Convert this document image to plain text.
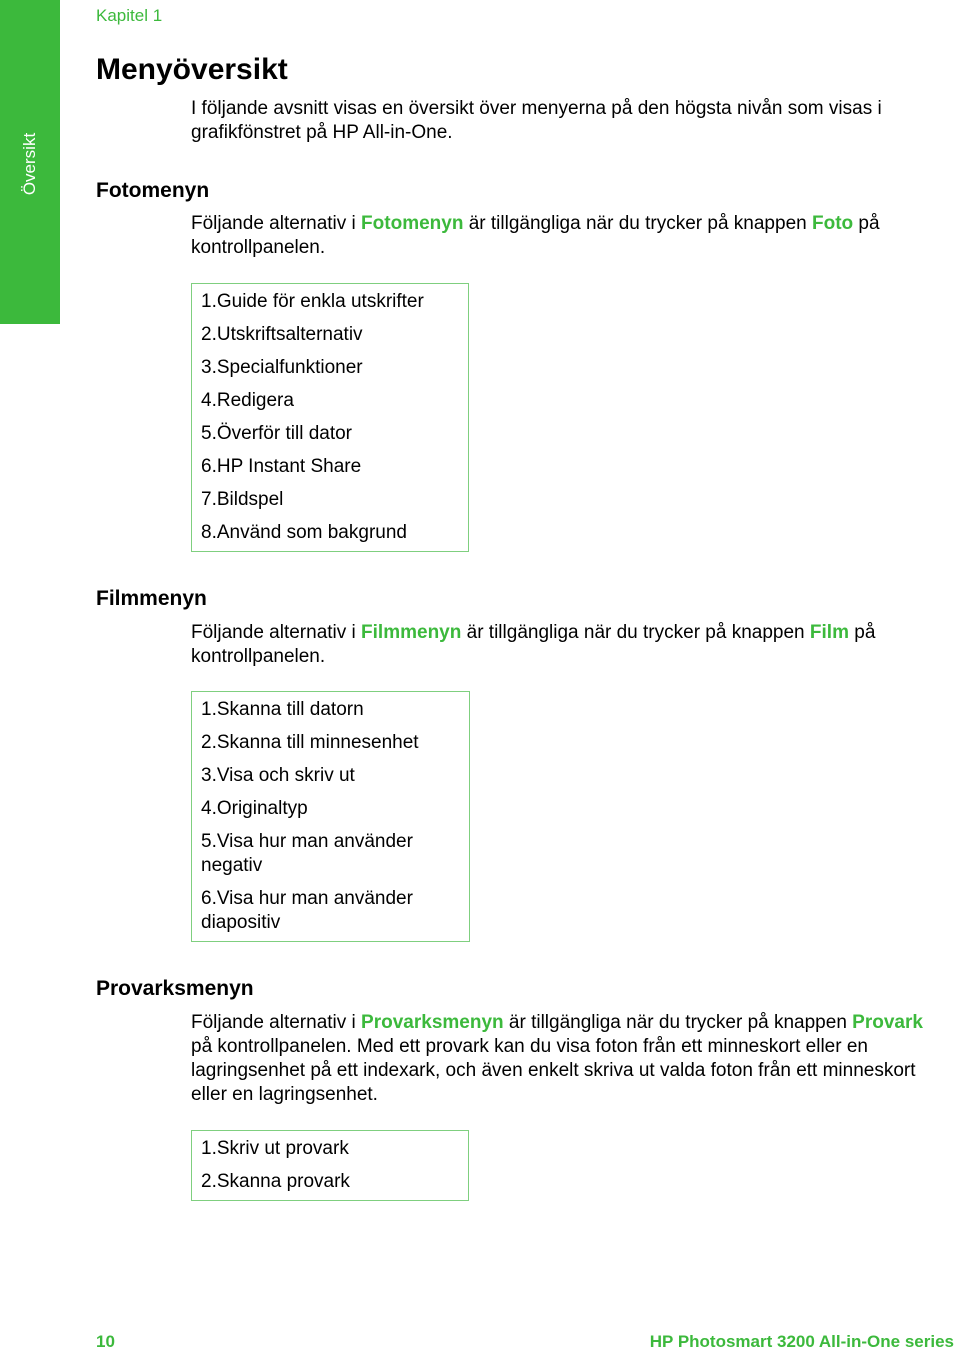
Översikt
Kapitel 1
Menyöversikt

I följande avsnitt visas en översikt över menyerna på den högsta nivån som visas i grafikfönstret på HP All-in-One.

Fotomenyn

Följande alternativ i Fotomenyn är tillgängliga när du trycker på knappen Foto på kontrollpanelen.

1.Guide för enkla utskrifter
2.Utskriftsalternativ
3.Specialfunktioner
4.Redigera
5.Överför till dator
6.HP Instant Share
7.Bildspel
8.Använd som bakgrund
Filmmenyn

Följande alternativ i Filmmenyn är tillgängliga när du trycker på knappen Film på kontrollpanelen.

1.Skanna till datorn
2.Skanna till minnesenhet
3.Visa och skriv ut
4.Originaltyp
5.Visa hur man använder negativ
6.Visa hur man använder diapositiv
Provarksmenyn

Följande alternativ i Provarksmenyn är tillgängliga när du trycker på knappen Provark på kontrollpanelen. Med ett provark kan du visa foton från ett minneskort eller en lagringsenhet på ett indexark, och även enkelt skriva ut valda foton från ett minneskort eller en lagringsenhet.

1.Skriv ut provark
2.Skanna provark
10	HP Photosmart 3200 All-in-One series
